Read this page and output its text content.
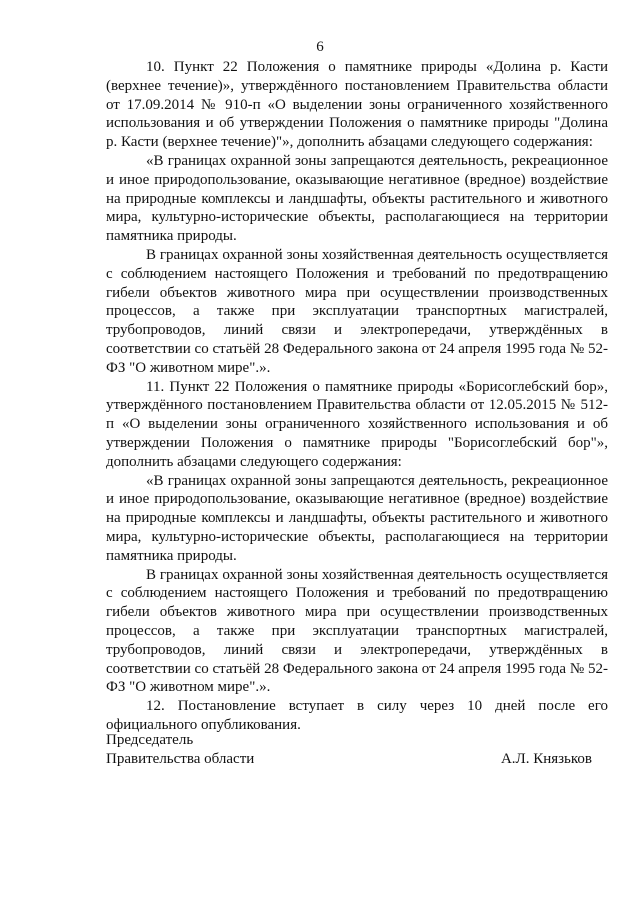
6

10. Пункт 22 Положения о памятнике природы «Долина р. Касти (верхнее течение)», утверждённого постановлением Правительства области от 17.09.2014 № 910-п «О выделении зоны ограниченного хозяйственного использования и об утверждении Положения о памятнике природы "Долина р. Касти (верхнее течение)"», дополнить абзацами следующего содержания:

«В границах охранной зоны запрещаются деятельность, рекреационное и иное природопользование, оказывающие негативное (вредное) воздействие на природные комплексы и ландшафты, объекты растительного и животного мира, культурно-исторические объекты, располагающиеся на территории памятника природы.

В границах охранной зоны хозяйственная деятельность осуществляется с соблюдением настоящего Положения и требований по предотвращению гибели объектов животного мира при осуществлении производственных процессов, а также при эксплуатации транспортных магистралей, трубопроводов, линий связи и электропередачи, утверждённых в соответствии со статьёй 28 Федерального закона от 24 апреля 1995 года № 52-ФЗ "О животном мире".».

11. Пункт 22 Положения о памятнике природы «Борисоглебский бор», утверждённого постановлением Правительства области от 12.05.2015 № 512-п «О выделении зоны ограниченного хозяйственного использования и об утверждении Положения о памятнике природы "Борисоглебский бор"», дополнить абзацами следующего содержания:

«В границах охранной зоны запрещаются деятельность, рекреационное и иное природопользование, оказывающие негативное (вредное) воздействие на природные комплексы и ландшафты, объекты растительного и животного мира, культурно-исторические объекты, располагающиеся на территории памятника природы.

В границах охранной зоны хозяйственная деятельность осуществляется с соблюдением настоящего Положения и требований по предотвращению гибели объектов животного мира при осуществлении производственных процессов, а также при эксплуатации транспортных магистралей, трубопроводов, линий связи и электропередачи, утверждённых в соответствии со статьёй 28 Федерального закона от 24 апреля 1995 года № 52-ФЗ "О животном мире".».

12. Постановление вступает в силу через 10 дней после его официального опубликования.

Председатель
Правительства области	А.Л. Князьков
